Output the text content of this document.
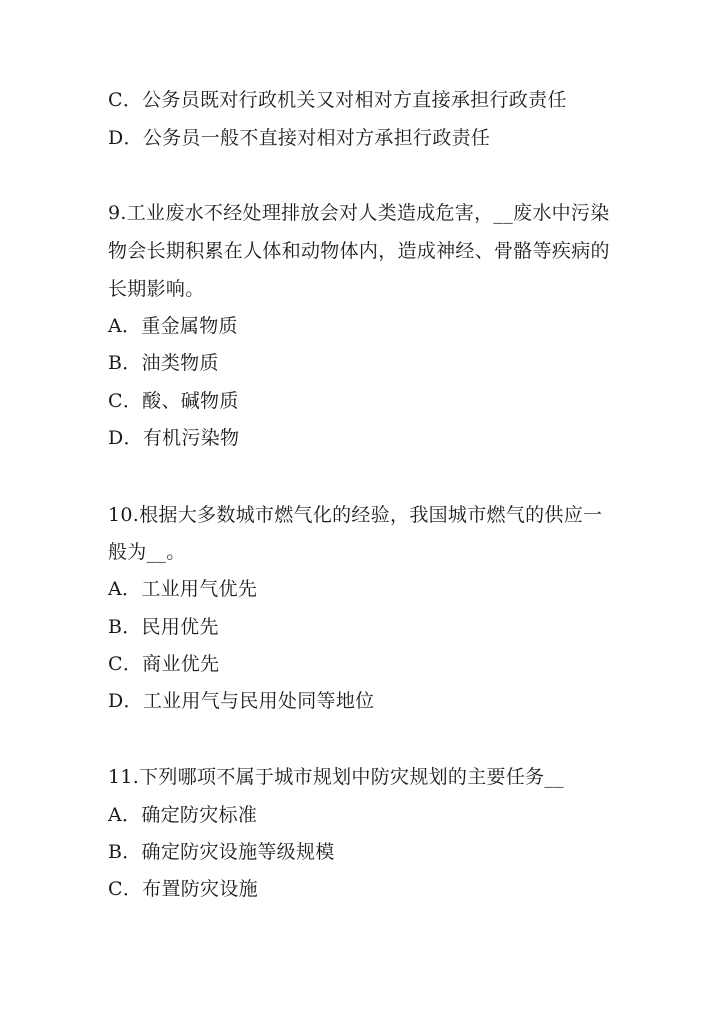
C．公务员既对行政机关又对相对方直接承担行政责任
D．公务员一般不直接对相对方承担行政责任
9.工业废水不经处理排放会对人类造成危害，__废水中污染
物会长期积累在人体和动物体内，造成神经、骨骼等疾病的
长期影响。
A．重金属物质
B．油类物质
C．酸、碱物质
D．有机污染物
10.根据大多数城市燃气化的经验，我国城市燃气的供应一
般为__。
A．工业用气优先
B．民用优先
C．商业优先
D．工业用气与民用处同等地位
11.下列哪项不属于城市规划中防灾规划的主要任务__
A．确定防灾标准
B．确定防灾设施等级规模
C．布置防灾设施
